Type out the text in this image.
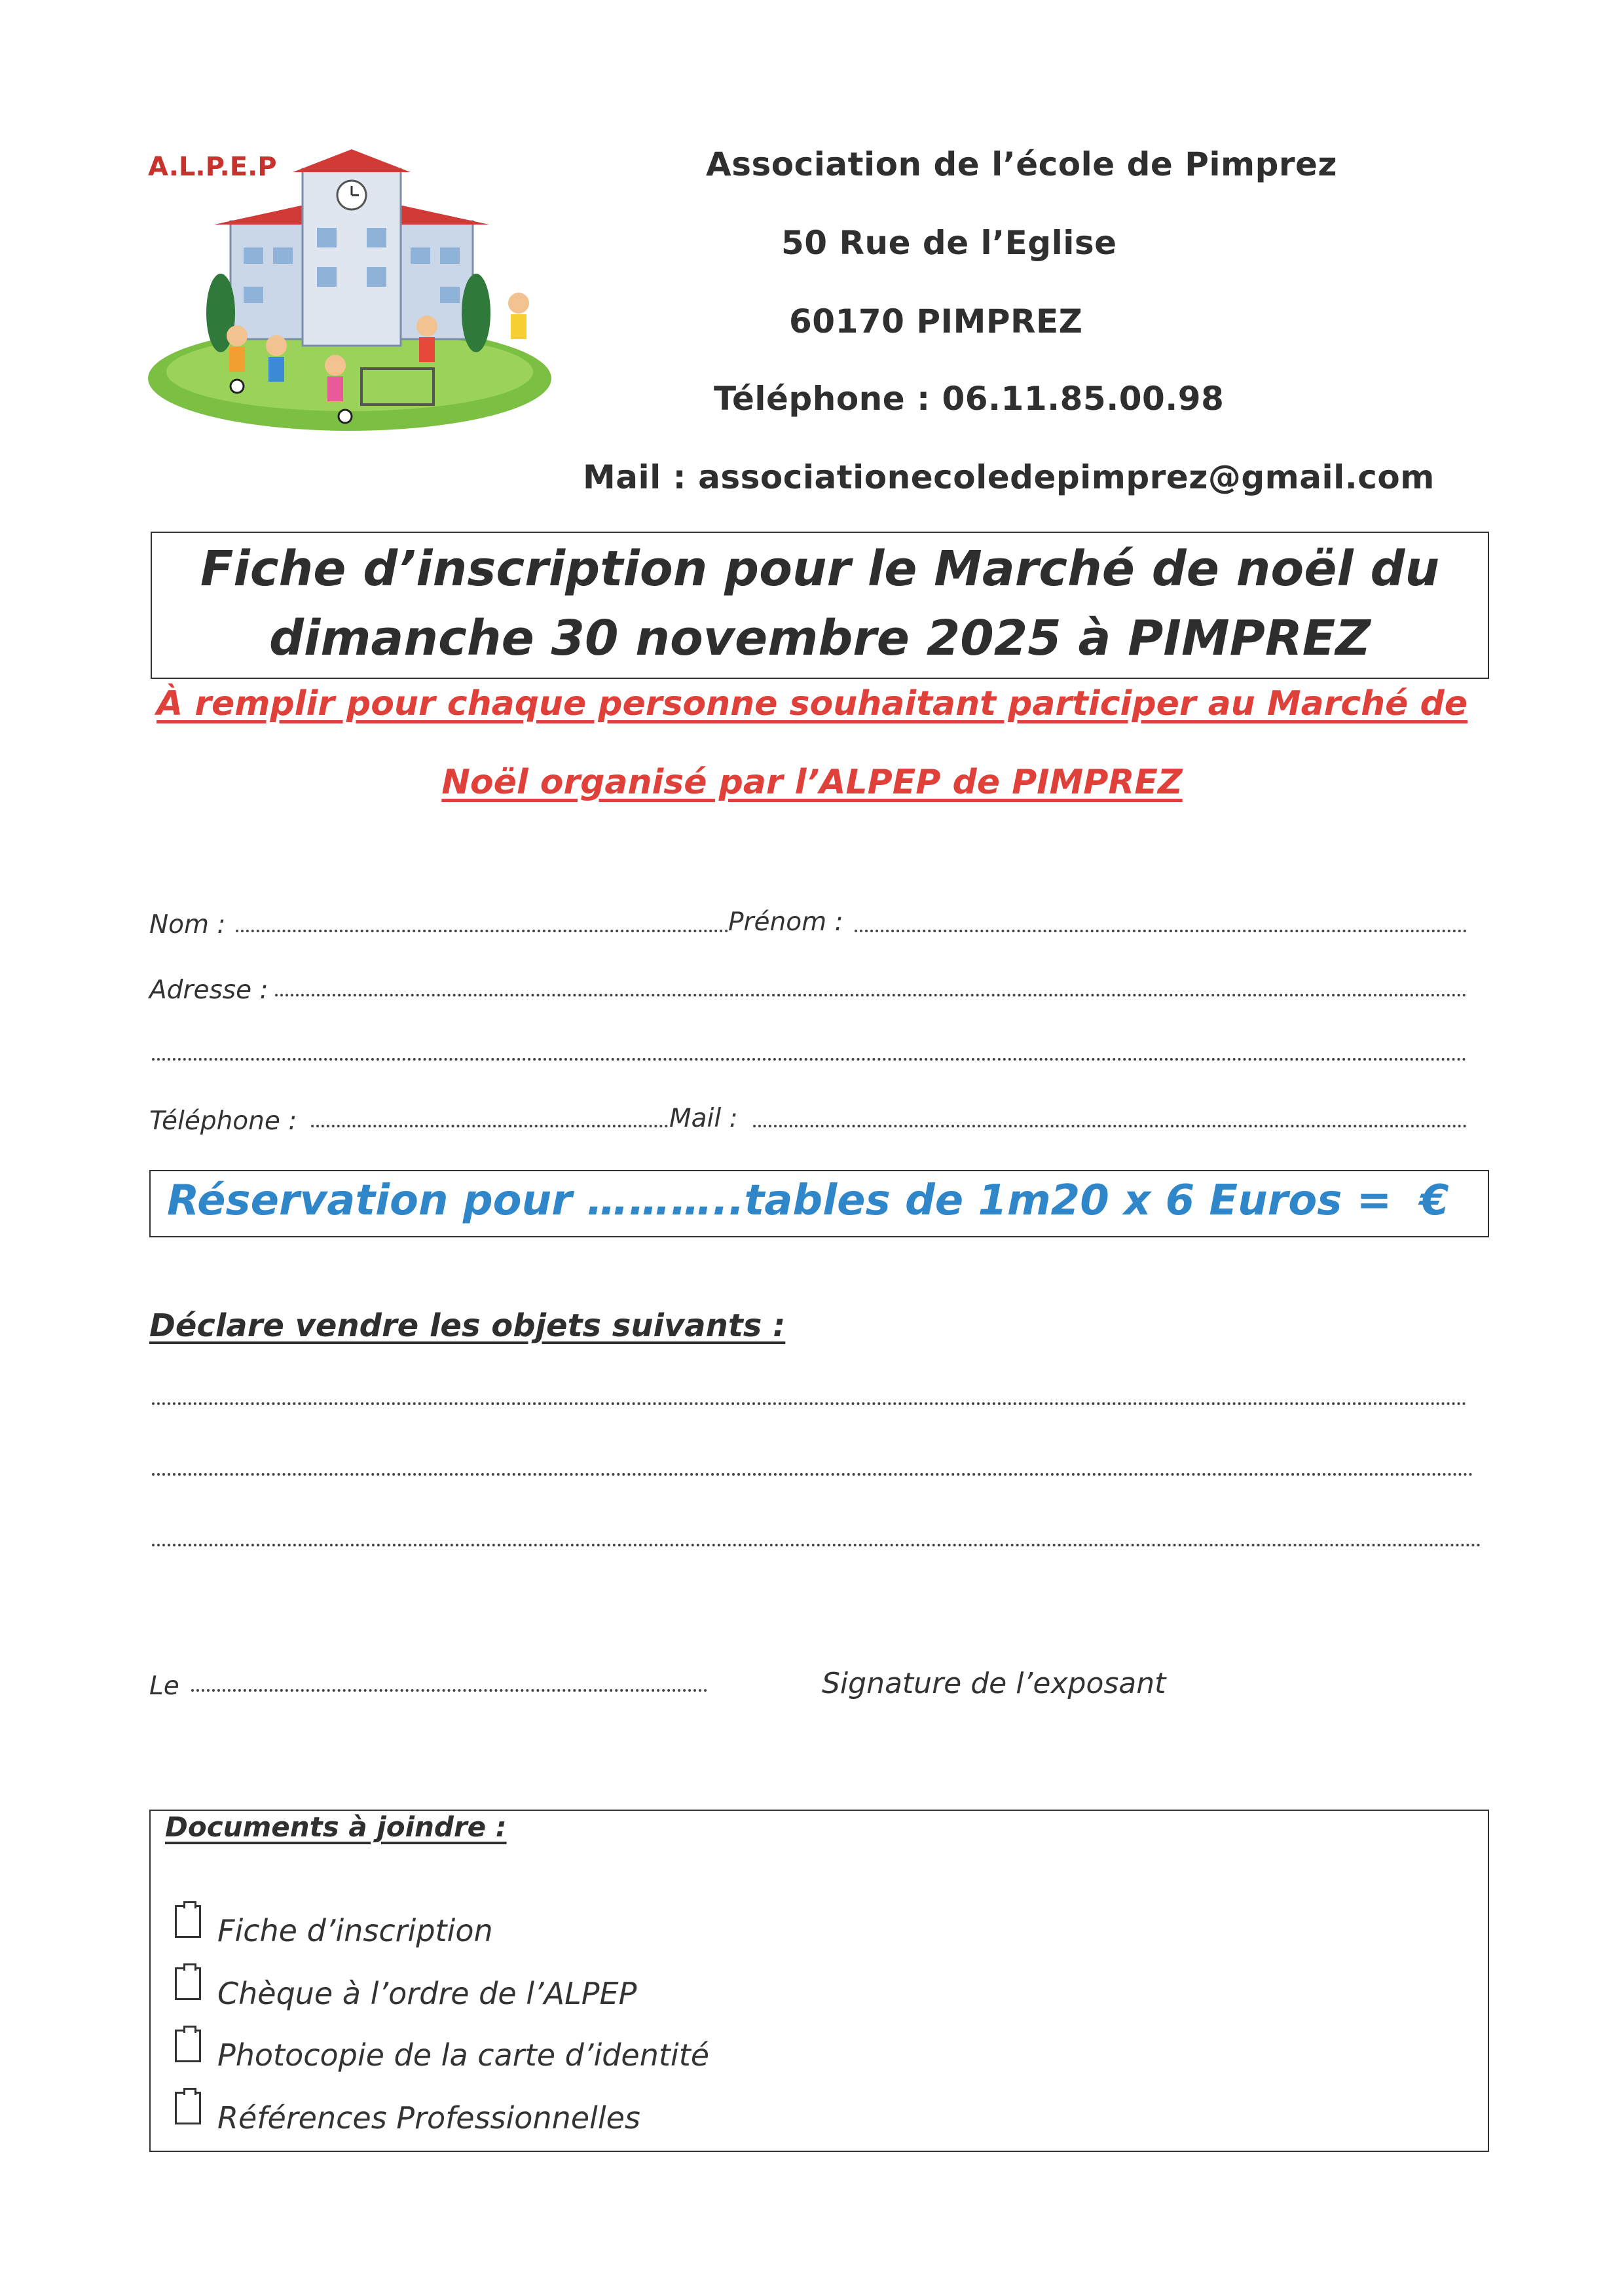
A.L.P.E.P	Association de l’école de Pimprez
50 Rue de l’Eglise
60170 PIMPREZ
Téléphone : 06.11.85.00.98
Mail : associationecoledepimprez@gmail.com
Fiche d’inscription pour le Marché de noël du
dimanche 30 novembre 2025 à PIMPREZ
À remplir pour chaque personne souhaitant participer au Marché de
Noël organisé par l’ALPEP de PIMPREZ
Nom :	Prénom :
Adresse :
Téléphone :	Mail :
Réservation pour ………..tables de 1m20 x 6 Euros = €
Déclare vendre les objets suivants :
Le	Signature de l’exposant
Documents à joindre :
Fiche d’inscription
Chèque à l’ordre de l’ALPEP
Photocopie de la carte d’identité
Références Professionnelles
